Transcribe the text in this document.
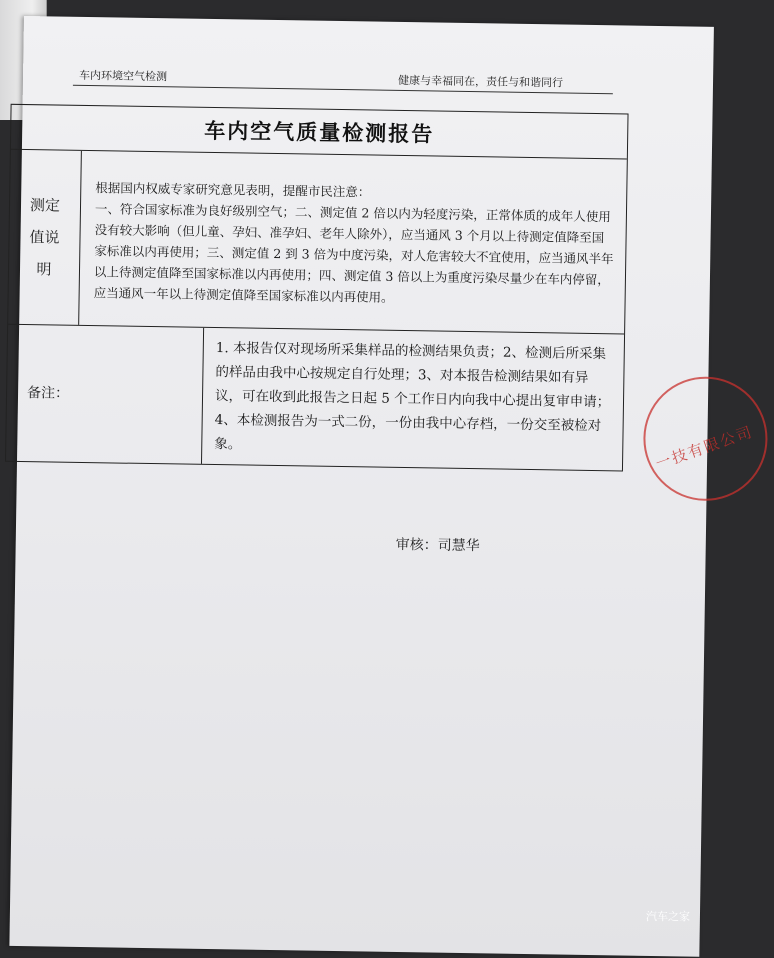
车内环境空气检测	健康与幸福同在，责任与和谐同行
车内空气质量检测报告
测定
值说
明
根据国内权威专家研究意见表明，提醒市民注意：
一、符合国家标准为良好级别空气；二、测定值 2 倍以内为轻度污染，正常体质的成年人使用没有较大影响（但儿童、孕妇、准孕妇、老年人除外），应当通风 3 个月以上待测定值降至国家标准以内再使用；三、测定值 2 到 3 倍为中度污染，对人危害较大不宜使用，应当通风半年以上待测定值降至国家标准以内再使用；四、测定值 3 倍以上为重度污染尽量少在车内停留，应当通风一年以上待测定值降至国家标准以内再使用。
备注：
1. 本报告仅对现场所采集样品的检测结果负责；2、检测后所采集的样品由我中心按规定自行处理；3、对本报告检测结果如有异议，可在收到此报告之日起 5 个工作日内向我中心提出复审申请；4、本检测报告为一式二份，一份由我中心存档，一份交至被检对象。
审核：司慧华
一技有限公司
汽车之家
